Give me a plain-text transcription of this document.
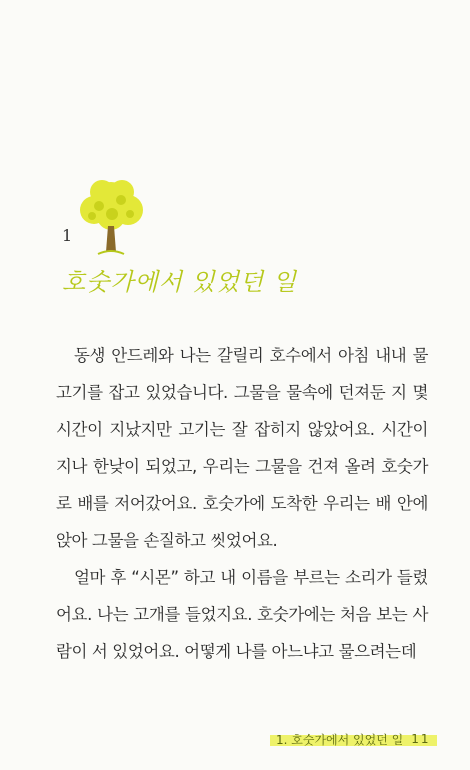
1
호숫가에서 있었던 일

동생 안드레와 나는 갈릴리 호수에서 아침 내내 물고기를 잡고 있었습니다. 그물을 물속에 던져둔 지 몇 시간이 지났지만 고기는 잘 잡히지 않았어요. 시간이 지나 한낮이 되었고, 우리는 그물을 건져 올려 호숫가로 배를 저어갔어요. 호숫가에 도착한 우리는 배 안에 앉아 그물을 손질하고 씻었어요.

얼마 후 “시몬” 하고 내 이름을 부르는 소리가 들렸어요. 나는 고개를 들었지요. 호숫가에는 처음 보는 사람이 서 있었어요. 어떻게 나를 아느냐고 물으려는데

1. 호숫가에서 있었던 일 11
